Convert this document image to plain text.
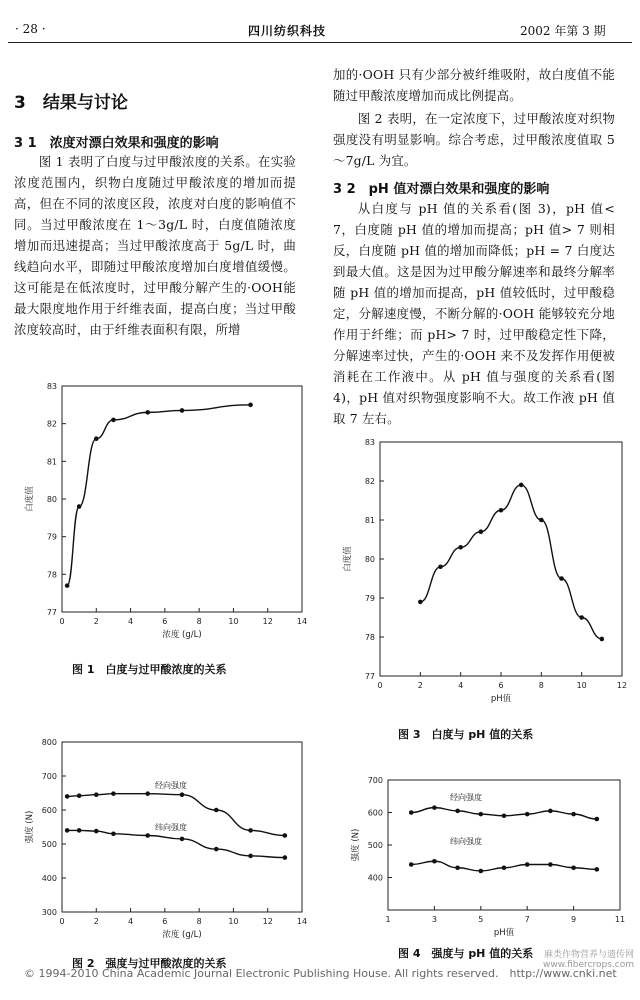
· 28 ·	四川纺织科技	2002 年第 3 期
3　结果与讨论
3 1　浓度对漂白效果和强度的影响
图 1 表明了白度与过甲酸浓度的关系。在实验浓度范围内，织物白度随过甲酸浓度的增加而提高，但在不同的浓度区段，浓度对白度的影响值不同。当过甲酸浓度在 1～3g/L 时，白度值随浓度增加而迅速提高；当过甲酸浓度高于 5g/L 时，曲线趋向水平，即随过甲酸浓度增加白度增值缓慢。这可能是在低浓度时，过甲酸分解产生的·OOH能最大限度地作用于纤维表面，提高白度；当过甲酸浓度较高时，由于纤维表面积有限，所增
加的·OOH 只有少部分被纤维吸附，故白度值不能随过甲酸浓度增加而成比例提高。
图 2 表明，在一定浓度下，过甲酸浓度对织物强度没有明显影响。综合考虑，过甲酸浓度值取 5～7g/L 为宜。
3 2　pH 值对漂白效果和强度的影响
从白度与 pH 值的关系看(图 3)，pH 值< 7，白度随 pH 值的增加而提高；pH 值> 7 则相反，白度随 pH 值的增加而降低；pH = 7 白度达到最大值。这是因为过甲酸分解速率和最终分解率随 pH 值的增加而提高，pH 值较低时，过甲酸稳定，分解速度慢，不断分解的·OOH 能够较充分地作用于纤维；而 pH> 7 时，过甲酸稳定性下降，分解速率过快，产生的·OOH 来不及发挥作用便被消耗在工作液中。从 pH 值与强度的关系看(图 4)，pH 值对织物强度影响不大。故工作液 pH 值取 7 左右。
0	2	4	6	8	10	12	14
77
78
79
80
81
82
83
浓度 (g/L)
白度值
图 1　白度与过甲酸浓度的关系
0	2	4	6	8	10	12	14
300
400
500
600
700
800
浓度 (g/L)
强度 (N)
经向强度
纬向强度
图 2　强度与过甲酸浓度的关系
0	2	4	6	8	10	12
77
78
79
80
81
82
83
pH值
白度值
图 3　白度与 pH 值的关系
1	3	5	7	9	11
400
500
600
700
pH值
强度 (N)
经向强度
纬向强度
图 4　强度与 pH 值的关系
© 1994-2010 China Academic Journal Electronic Publishing House. All rights reserved.　http://www.cnki.net
麻类作物营养与遗传网 www.fibercrops.com
